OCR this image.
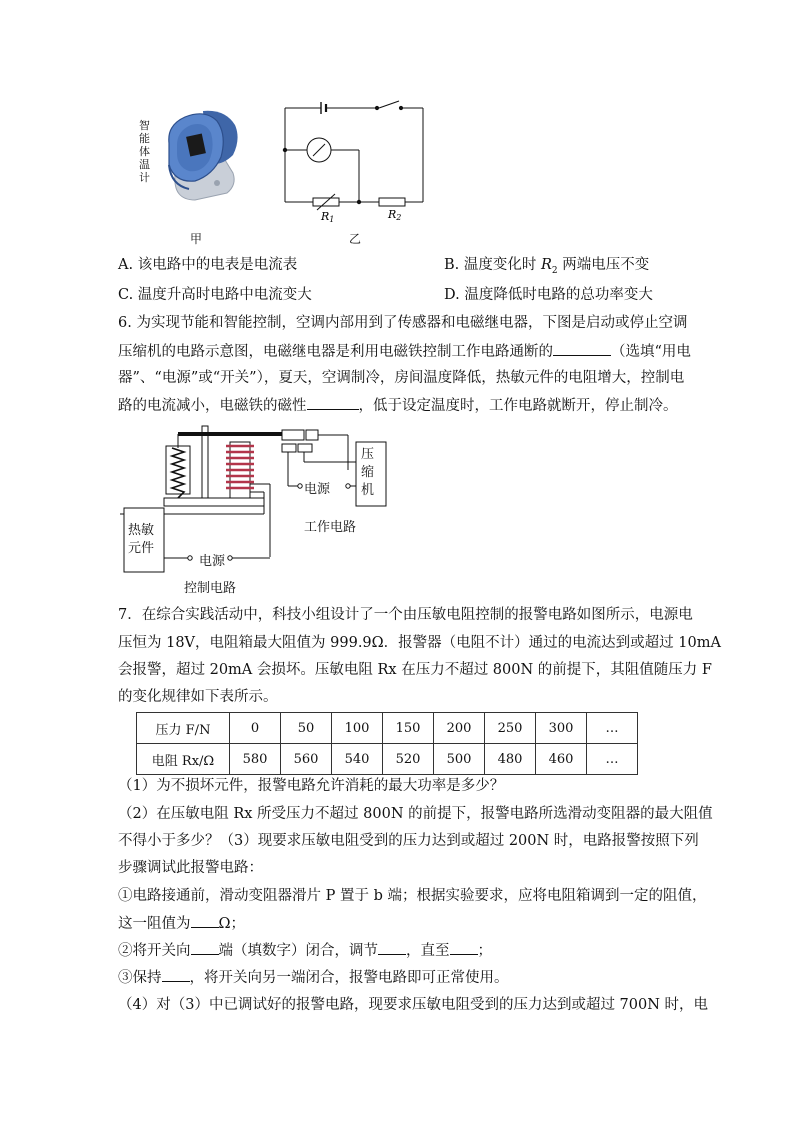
智能体温计
甲
R1	R2
乙
A. 该电路中的电表是电流表	B. 温度变化时 $R_2$ 两端电压不变
C. 温度升高时电路中电流变大	D. 温度降低时电路的总功率变大
6. 为实现节能和智能控制，空调内部用到了传感器和电磁继电器，下图是启动或停止空调
压缩机的电路示意图，电磁继电器是利用电磁铁控制工作电路通断的	（选填“用电
器”、“电源”或“开关”），夏天，空调制冷，房间温度降低，热敏元件的电阻增大，控制电
路的电流减小，电磁铁的磁性	，低于设定温度时，工作电路就断开，停止制冷。
压缩机
电源
工作电路
热敏元件
电源
控制电路
7．在综合实践活动中，科技小组设计了一个由压敏电阻控制的报警电路如图所示，电源电
压恒为 18V，电阻箱最大阻值为 999.9Ω．报警器（电阻不计）通过的电流达到或超过 10mA
会报警，超过 20mA 会损坏。压敏电阻 Rx 在压力不超过 800N 的前提下，其阻值随压力 F
的变化规律如下表所示。
压力 F/N	0	50	100	150	200	250	300	…
电阻 Rx/Ω	580	560	540	520	500	480	460	…
（1）为不损坏元件，报警电路允许消耗的最大功率是多少？
（2）在压敏电阻 Rx 所受压力不超过 800N 的前提下，报警电路所选滑动变阻器的最大阻值
不得小于多少？（3）现要求压敏电阻受到的压力达到或超过 200N 时，电路报警按照下列
步骤调试此报警电路：
①电路接通前，滑动变阻器滑片 P 置于 b 端；根据实验要求，应将电阻箱调到一定的阻值，
这一阻值为 Ω；
②将开关向 端（填数字）闭合，调节 ，直至 ；
③保持 ，将开关向另一端闭合，报警电路即可正常使用。
（4）对（3）中已调试好的报警电路，现要求压敏电阻受到的压力达到或超过 700N 时，电
